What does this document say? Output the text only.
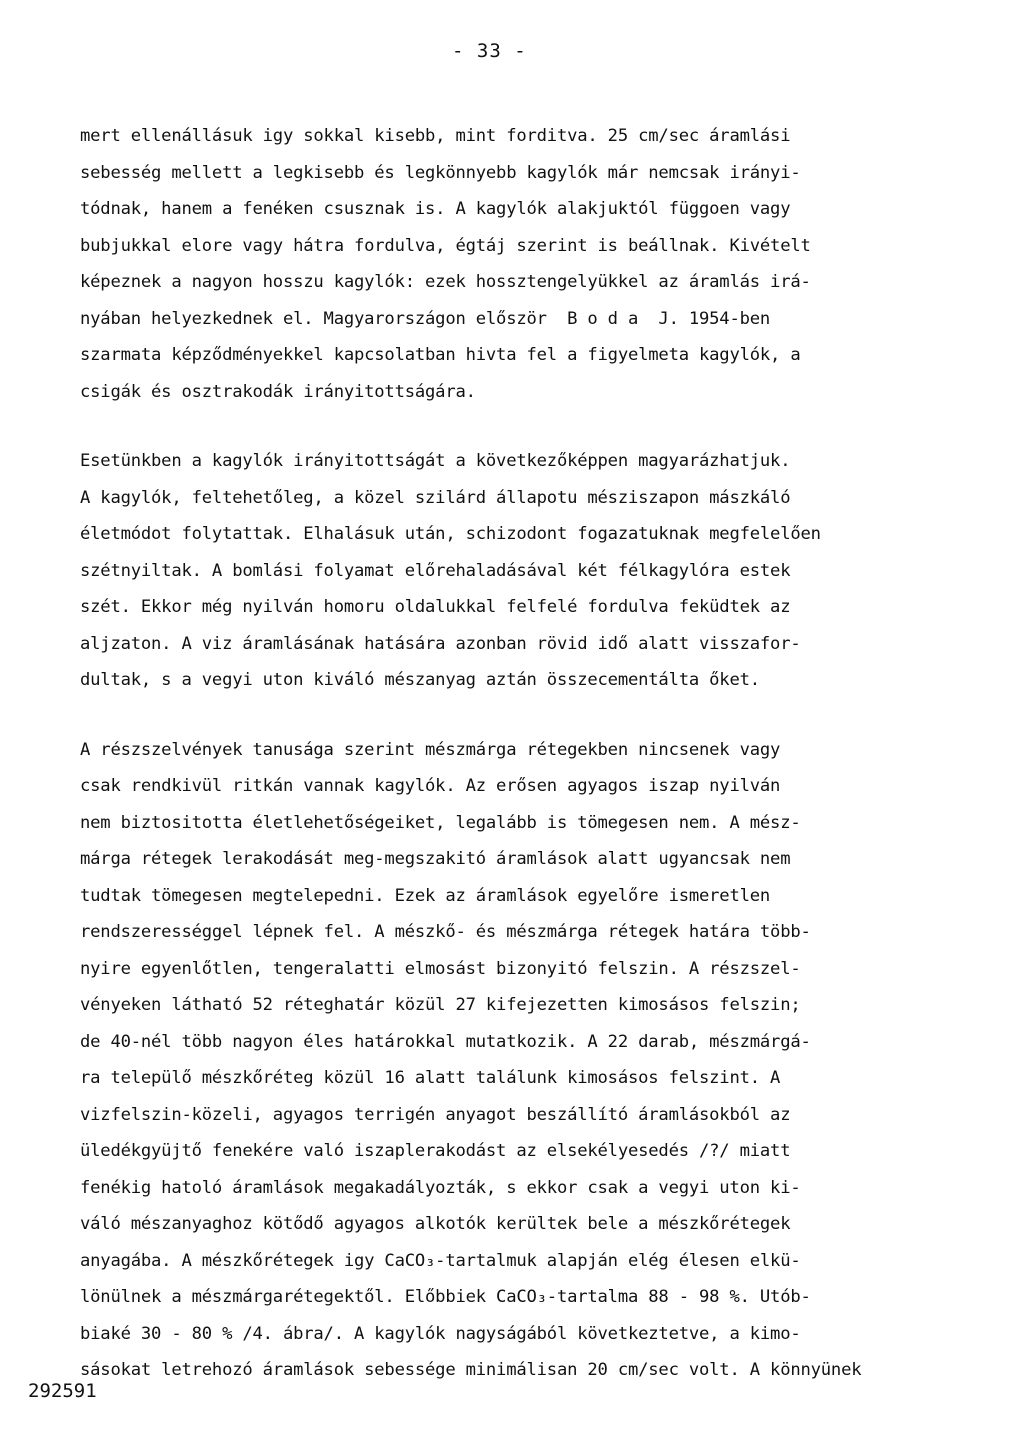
- 33 -
mert ellenállásuk igy sokkal kisebb, mint forditva. 25 cm/sec áramlási
sebesség mellett a legkisebb és legkönnyebb kagylók már nemcsak irányi-
tódnak, hanem a fenéken csusznak is. A kagylók alakjuktól függoen vagy
bubjukkal elore vagy hátra fordulva, égtáj szerint is beállnak. Kivételt
képeznek a nagyon hosszu kagylók: ezek hossztengelyükkel az áramlás irá-
nyában helyezkednek el. Magyarországon először  B o d a  J. 1954-ben
szarmata képződményekkel kapcsolatban hivta fel a figyelmeta kagylók, a
csigák és osztrakodák irányitottságára.
Esetünkben a kagylók irányitottságát a következőképpen magyarázhatjuk.
A kagylók, feltehetőleg, a közel szilárd állapotu mésziszapon mászkáló
életmódot folytattak. Elhalásuk után, schizodont fogazatuknak megfelelően
szétnyiltak. A bomlási folyamat előrehaladásával két félkagylóra estek
szét. Ekkor még nyilván homoru oldalukkal felfelé fordulva feküdtek az
aljzaton. A viz áramlásának hatására azonban rövid idő alatt visszafor-
dultak, s a vegyi uton kiváló mészanyag aztán összecementálta őket.
A részszelvények tanusága szerint mészmárga rétegekben nincsenek vagy
csak rendkivül ritkán vannak kagylók. Az erősen agyagos iszap nyilván
nem biztositotta életlehetőségeiket, legalább is tömegesen nem. A mész-
márga rétegek lerakodását meg-megszakitó áramlások alatt ugyancsak nem
tudtak tömegesen megtelepedni. Ezek az áramlások egyelőre ismeretlen
rendszerességgel lépnek fel. A mészkő- és mészmárga rétegek határa több-
nyire egyenlőtlen, tengeralatti elmosást bizonyitó felszin. A részszel-
vényeken látható 52 réteghatár közül 27 kifejezetten kimosásos felszin;
de 40-nél több nagyon éles határokkal mutatkozik. A 22 darab, mészmárgá-
ra települő mészkőréteg közül 16 alatt találunk kimosásos felszint. A
vizfelszin-közeli, agyagos terrigén anyagot beszállító áramlásokból az
üledékgyüjtő fenekére való iszaplerakodást az elsekélyesedés /?/ miatt
fenékig hatoló áramlások megakadályozták, s ekkor csak a vegyi uton ki-
váló mészanyaghoz kötődő agyagos alkotók kerültek bele a mészkőrétegek
anyagába. A mészkőrétegek igy CaCO₃-tartalmuk alapján elég élesen elkü-
lönülnek a mészmárgarétegektől. Előbbiek CaCO₃-tartalma 88 - 98 %. Utób-
biaké 30 - 80 % /4. ábra/. A kagylók nagyságából következtetve, a kimo-
sásokat letrehozó áramlások sebessége minimálisan 20 cm/sec volt. A könnyünek
292591
